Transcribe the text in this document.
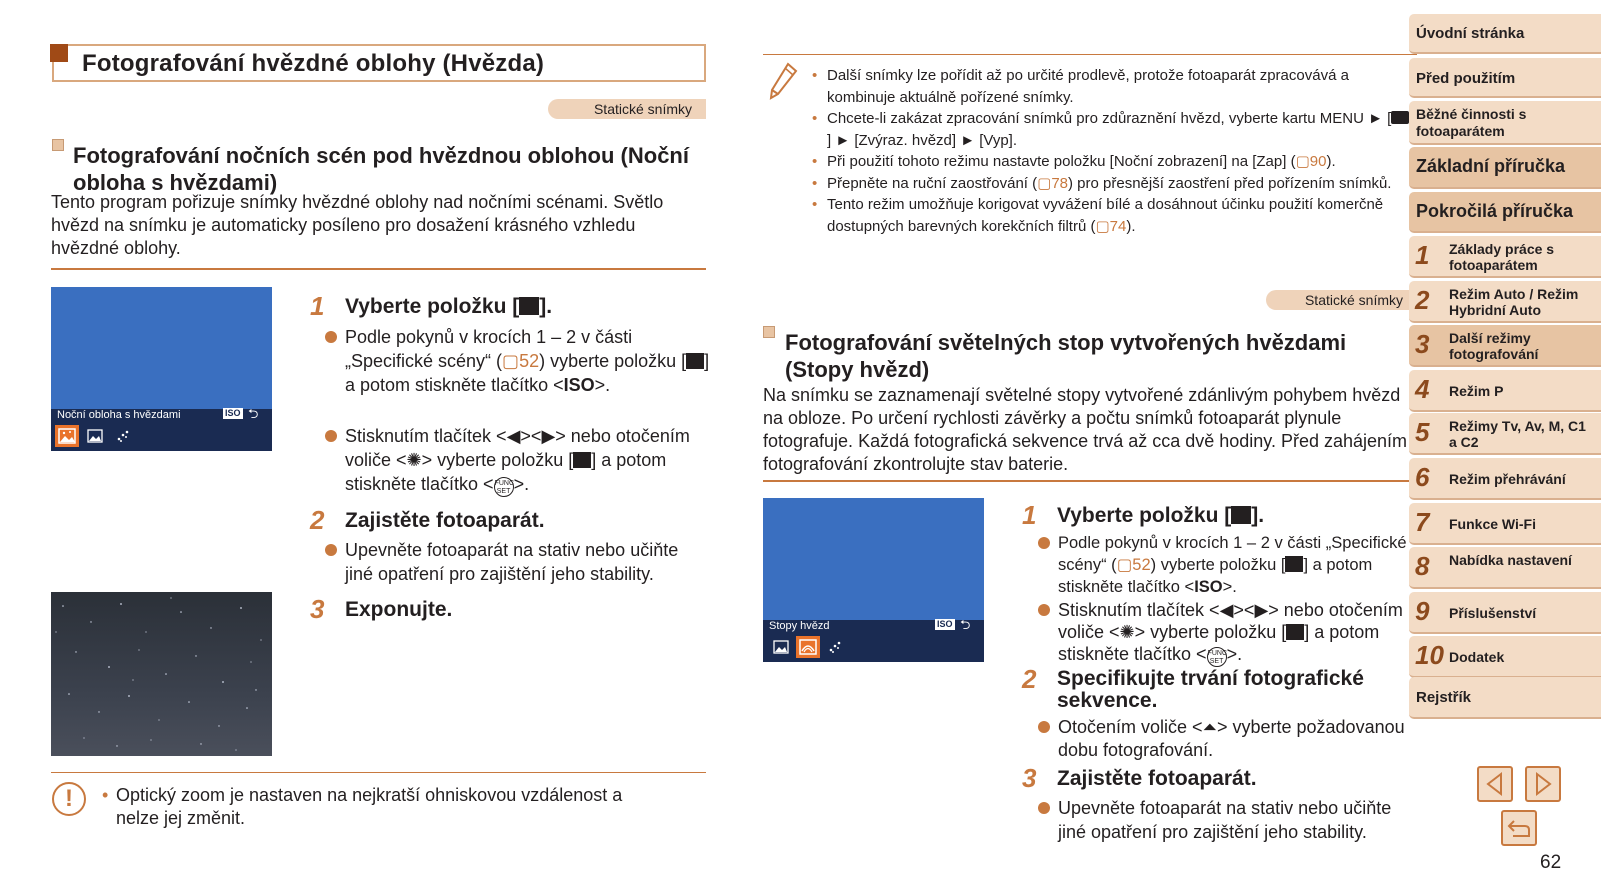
Fotografování hvězdné oblohy (Hvězda)
Statické snímky
Fotografování nočních scén pod hvězdnou oblohou (Noční obloha s hvězdami)
Tento program pořizuje snímky hvězdné oblohy nad nočními scénami. Světlo hvězd na snímku je automaticky posíleno pro dosažení krásného vzhledu hvězdné oblohy.
Noční obloha s hvězdami	ISO ⮌
1 Vyberte položku [ ].
Podle pokynů v krocích 1 – 2 v části „Specifické scény“ (▢52) vyberte položku [ ] a potom stiskněte tlačítko <ISO>.
Stisknutím tlačítek <◀><▶> nebo otočením voliče <✺> vyberte položku [ ] a potom stiskněte tlačítko <FUNC
SET >.
2 Zajistěte fotoaparát.
Upevněte fotoaparát na stativ nebo učiňte jiné opatření pro zajištění jeho stability.
3 Exponujte.
!	• Optický zoom je nastaven na nejkratší ohniskovou vzdálenost a nelze jej změnit.
• Další snímky lze pořídit až po určité prodlevě, protože fotoaparát zpracovává a kombinuje aktuálně pořízené snímky.
• Chcete-li zakázat zpracování snímků pro zdůraznění hvězd, vyberte kartu MENU ► [] ► [Zvýraz. hvězd] ► [Vyp].
• Při použití tohoto režimu nastavte položku [Noční zobrazení] na [Zap] (▢90).
• Přepněte na ruční zaostřování (▢78) pro přesnější zaostření před pořízením snímků.
• Tento režim umožňuje korigovat vyvážení bílé a dosáhnout účinku použití komerčně dostupných barevných korekčních filtrů (▢74).
Statické snímky
Fotografování světelných stop vytvořených hvězdami (Stopy hvězd)
Na snímku se zaznamenají světelné stopy vytvořené zdánlivým pohybem hvězd na obloze. Po určení rychlosti závěrky a počtu snímků fotoaparát plynule fotografuje. Každá fotografická sekvence trvá až cca dvě hodiny. Před zahájením fotografování zkontrolujte stav baterie.
Stopy hvězd	ISO ⮌
1 Vyberte položku [ ].
Podle pokynů v krocích 1 – 2 v části „Specifické scény“ (▢52) vyberte položku [ ] a potom stiskněte tlačítko <ISO>.
Stisknutím tlačítek <◀><▶> nebo otočením voliče <✺> vyberte položku [ ] a potom stiskněte tlačítko <FUNC
SET >.
2 Specifikujte trvání fotografické sekvence.
Otočením voliče <⏶> vyberte požadovanou dobu fotografování.
3 Zajistěte fotoaparát.
Upevněte fotoaparát na stativ nebo učiňte jiné opatření pro zajištění jeho stability.
Úvodní stránka
Před použitím
Běžné činnosti s fotoaparátem
Základní příručka
Pokročilá příručka
1 Základy práce s fotoaparátem
2 Režim Auto / Režim Hybridní Auto
3 Další režimy fotografování
4 Režim P
5 Režimy Tv, Av, M, C1 a C2
6 Režim přehrávání
7 Funkce Wi-Fi
8 Nabídka nastavení
9 Příslušenství
10 Dodatek
Rejstřík
62
